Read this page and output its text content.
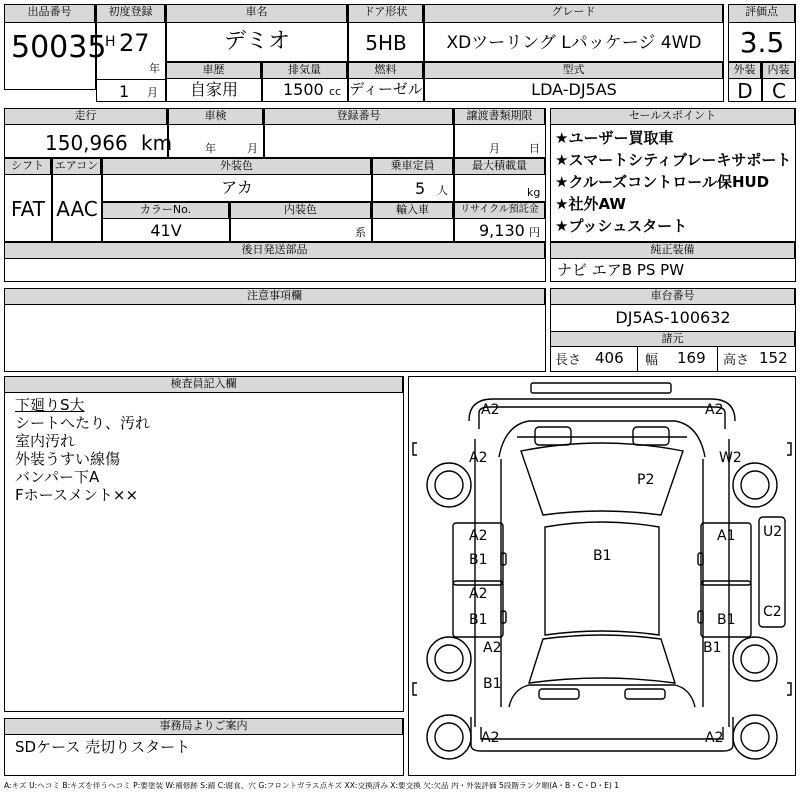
出品番号
50035
初度登録
H 27
年
1 月
車名
デミオ
ドア形状
5HB
グレード
XDツーリング Lパッケージ 4WD
評価点
3.5
車歴
自家用
排気量
1500 cc
燃料
ディーゼル
型式
LDA-DJ5AS
外装
D
内装
C
走行
150,966 km
車検
年	月
登録番号	譲渡書類期限
月	日
シフト
FAT
エアコン
AAC
外装色
アカ
乗車定員
5 人
最大積載量
kg
カラーNo.
41V
内装色
系
輸入車	リサイクル預託金
9,130 円
後日発送部品
セールスポイント
★ユーザー買取車
★スマートシティブレーキサポート
★クルーズコントロール保HUD
★社外AW
★プッシュスタート
純正装備
ナビ エアB PS PW
注意事項欄	車台番号
DJ5AS-100632
諸元
長さ 406 幅 169 高さ 152
検査員記入欄
下廻りS大
シートへたり、汚れ
室内汚れ
外装うすい線傷
バンパー下A
Fホースメント××
事務局よりご案内
SDケース 売切りスタート
A2	A2
A2	W2
P2
A2	A1 U2
B1	B1
A2
B1	B1 C2
A2	B1
B1
A2	A2
A:キズ U:ヘコミ B:キズを伴うヘコミ P:要塗装 W:補修跡 S:錆 C:腐食、穴 G:フロントガラス点キズ XX:交換済み X:要交換 欠:欠品 内・外装評価 5段階ランク順(A・B・C・D・E) 1
